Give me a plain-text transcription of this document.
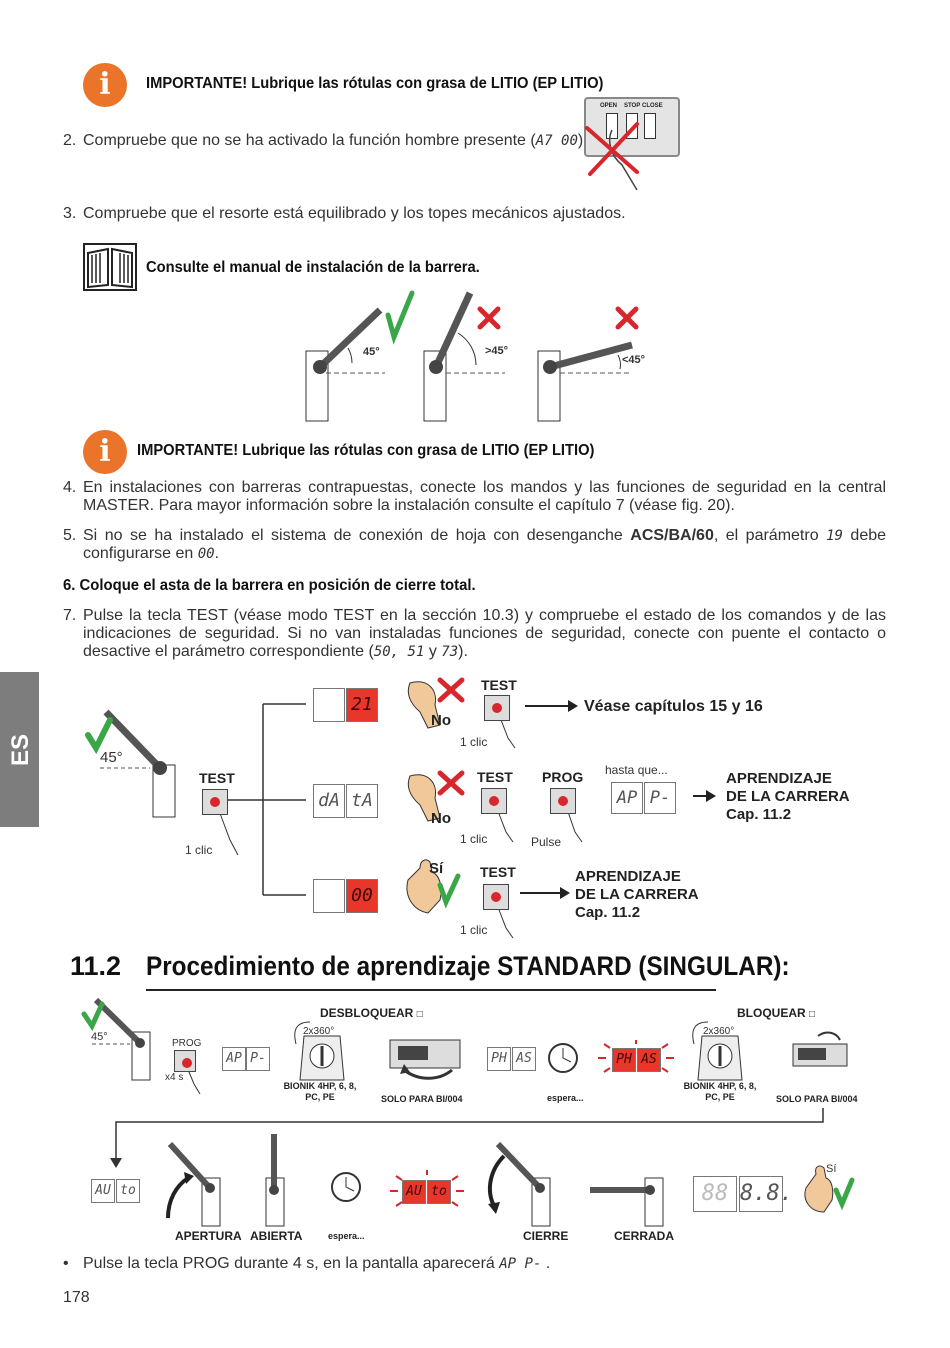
i	IMPORTANTE! Lubrique las rótulas con grasa de LITIO (EP LITIO)
OPEN STOP CLOSE
2. Compruebe que no se ha activado la función hombre presente (A7 00)
3. Compruebe que el resorte está equilibrado y los topes mecánicos ajustados.
Consulte el manual de instalación de la barrera.
45°	>45°
<45°
i	IMPORTANTE! Lubrique las rótulas con grasa de LITIO (EP LITIO)
4. En instalaciones con barreras contrapuestas, conecte los mandos y las funciones de seguridad en la central MASTER. Para mayor información sobre la instalación consulte el capítulo 7 (véase fig. 20).
5. Si no se ha instalado el sistema de conexión de hoja con desenganche ACS/BA/60, el parámetro 19 debe configurarse en 00.
6. Coloque el asta de la barrera en posición de cierre total.
7. Pulse la tecla TEST (véase modo TEST en la sección 10.3) y compruebe el estado de los comandos y de las indicaciones de seguridad. Si no van instaladas funciones de seguridad, conecte con puente el contacto o desactive el parámetro correspondiente (50, 51 y 73).
ES	45°
TEST
1 clic
21
dA tA
00
No
TEST
1 clic
Véase capítulos 15 y 16
No
TEST
1 clic
PROG
Pulse
hasta que...
AP P-
APRENDIZAJE
DE LA CARRERA
Cap. 11.2
Sí	TEST
1 clic
APRENDIZAJE
DE LA CARRERA
Cap. 11.2
11.2 Procedimiento de aprendizaje STANDARD (SINGULAR):
45°
PROG
x4 s
AP P-
DESBLOQUEAR □	BLOQUEAR □
2x360°	2x360°
BIONIK 4HP, 6, 8, PC, PE
BIONIK 4HP, 6, 8, PC, PE
SOLO PARA BI/004	SOLO PARA BI/004
PH AS
espera...
PH AS
AU to
APERTURA ABIERTA	espera...
AU to
CIERRE	CERRADA
88 8.8.
Sí
• Pulse la tecla PROG durante 4 s, en la pantalla aparecerá AP P- .
178
